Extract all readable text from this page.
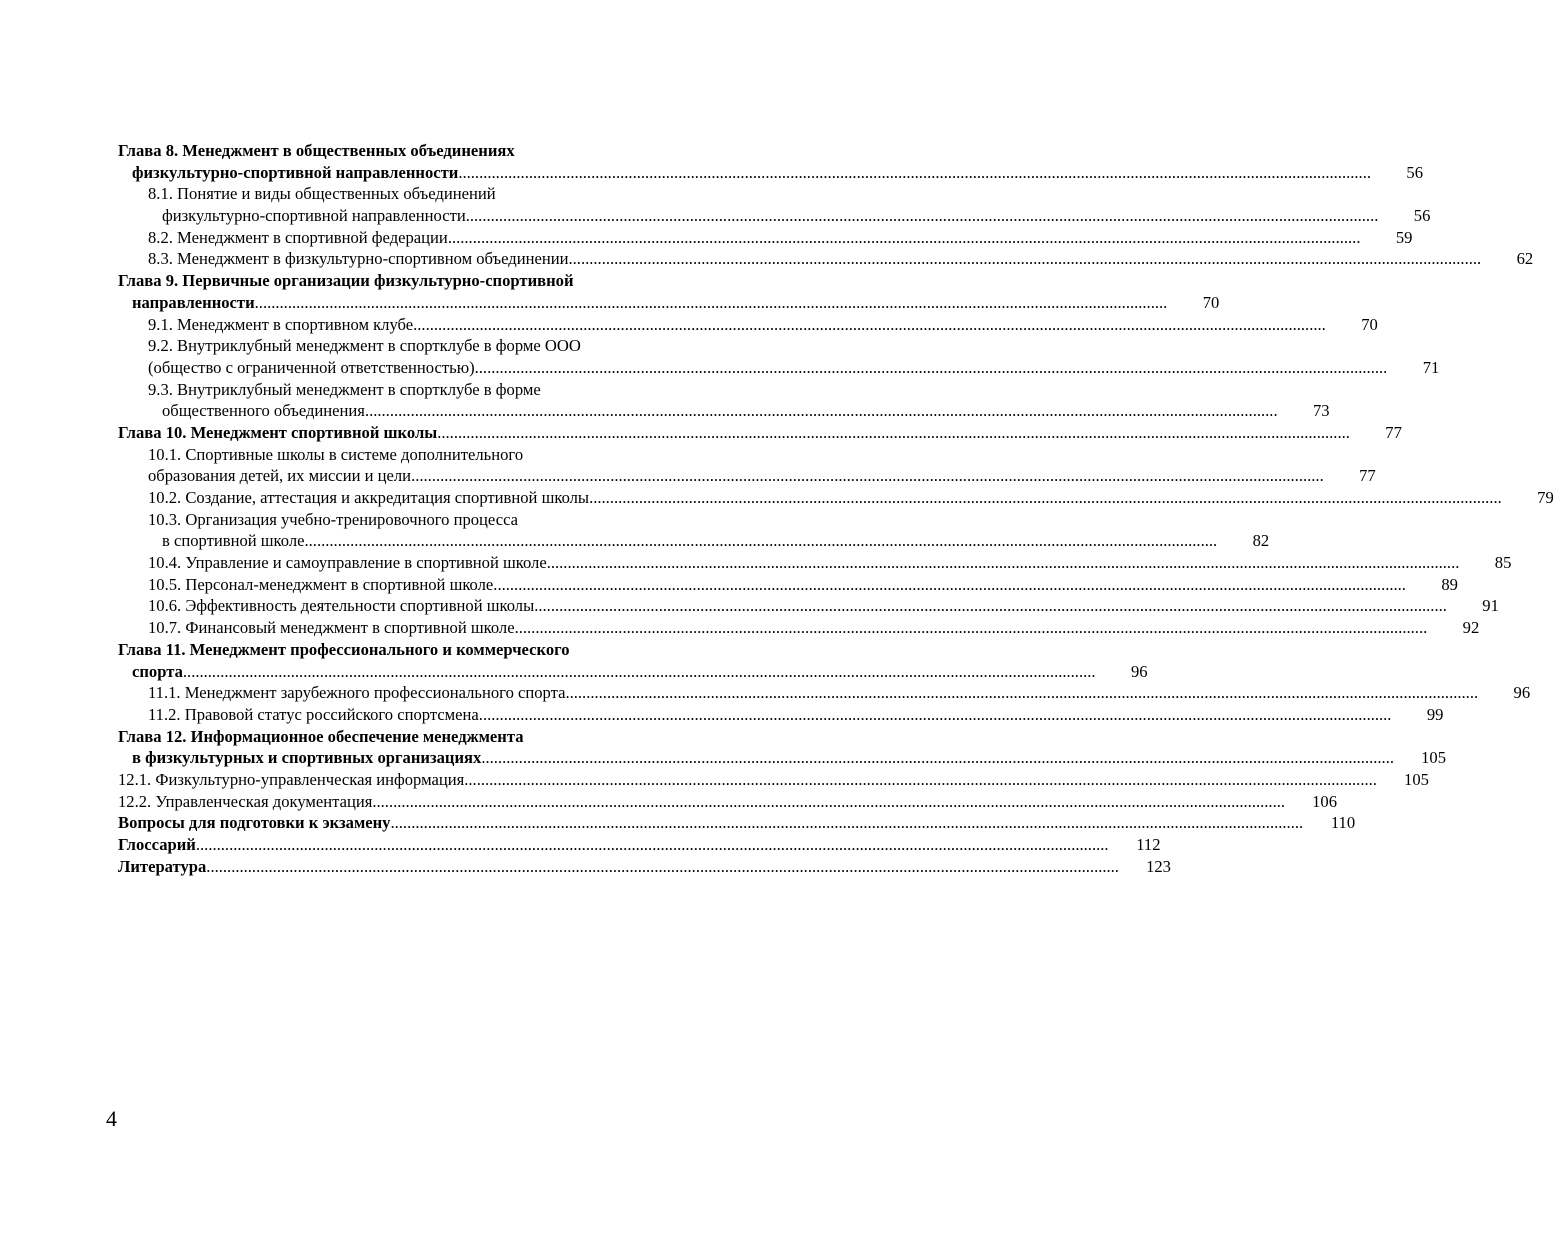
Глава 8. Менеджмент в общественных объединениях
физкультурно-спортивной направленности ............................................................................................................................................................................................................................	56
8.1. Понятие и виды общественных объединений
физкультурно-спортивной направленности ............................................................................................................................................................................................................................	56
8.2. Менеджмент в спортивной федерации ............................................................................................................................................................................................................................	59
8.3. Менеджмент в физкультурно-спортивном объединении ............................................................................................................................................................................................................................	62
Глава 9. Первичные организации физкультурно-спортивной
направленности ............................................................................................................................................................................................................................	70
9.1. Менеджмент в спортивном клубе ............................................................................................................................................................................................................................	70
9.2. Внутриклубный менеджмент в спортклубе в форме ООО
(общество с ограниченной ответственностью) ............................................................................................................................................................................................................................	71
9.3. Внутриклубный менеджмент в спортклубе в форме
общественного объединения ............................................................................................................................................................................................................................	73
Глава 10. Менеджмент спортивной школы ............................................................................................................................................................................................................................	77
10.1. Спортивные школы в системе дополнительного
образования детей, их миссии и цели ............................................................................................................................................................................................................................	77
10.2. Создание, аттестация и аккредитация спортивной школы ............................................................................................................................................................................................................................	79
10.3. Организация учебно-тренировочного процесса
в спортивной школе ............................................................................................................................................................................................................................	82
10.4. Управление и самоуправление в спортивной школе ............................................................................................................................................................................................................................	85
10.5. Персонал-менеджмент в спортивной школе ............................................................................................................................................................................................................................	89
10.6. Эффективность деятельности спортивной школы ............................................................................................................................................................................................................................	91
10.7. Финансовый менеджмент в спортивной школе ............................................................................................................................................................................................................................	92
Глава 11. Менеджмент профессионального и коммерческого
спорта ............................................................................................................................................................................................................................	96
11.1. Менеджмент зарубежного профессионального спорта ............................................................................................................................................................................................................................	96
11.2. Правовой статус российского спортсмена ............................................................................................................................................................................................................................	99
Глава 12. Информационное обеспечение менеджмента
в физкультурных и спортивных организациях ............................................................................................................................................................................................................................	105
12.1. Физкультурно-управленческая информация ............................................................................................................................................................................................................................	105
12.2. Управленческая документация ............................................................................................................................................................................................................................	106
Вопросы для подготовки к экзамену ............................................................................................................................................................................................................................	110
Глоссарий ............................................................................................................................................................................................................................	112
Литература ............................................................................................................................................................................................................................	123
4
